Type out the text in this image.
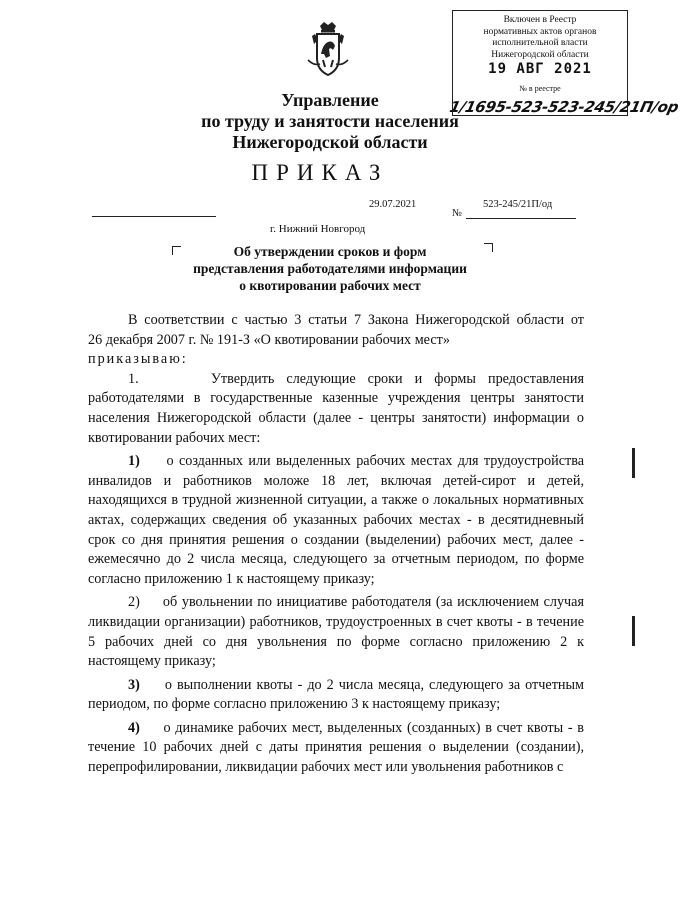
Включен в Реестр
нормативных актов органов
исполнительной власти
Нижегородской области
19 АВГ 2021
№ в реестре
1/1695-523-523-245/21П/ор
Управление
по труду и занятости населения
Нижегородской области
ПРИКАЗ
29.07.2021	523-245/21П/од
№
г. Нижний Новгород
Об утверждении сроков и форм
представления работодателями информации
о квотировании рабочих мест

В соответствии с частью 3 статьи 7 Закона Нижегородской области от

26 декабря 2007 г. № 191-З «О квотировании рабочих мест»

приказываю:

1.	Утвердить следующие сроки и формы предоставления

работодателями в государственные казенные учреждения центры занятости населения Нижегородской области (далее - центры занятости) информации о квотировании рабочих мест:

1) о созданных или выделенных рабочих местах для трудоустройства инвалидов и работников моложе 18 лет, включая детей-сирот и детей, находящихся в трудной жизненной ситуации, а также о локальных нормативных актах, содержащих сведения об указанных рабочих местах - в десятидневный срок со дня принятия решения о создании (выделении) рабочих мест, далее - ежемесячно до 2 числа месяца, следующего за отчетным периодом, по форме согласно приложению 1 к настоящему приказу;

2) об увольнении по инициативе работодателя (за исключением случая ликвидации организации) работников, трудоустроенных в счет квоты - в течение 5 рабочих дней со дня увольнения по форме согласно приложению 2 к настоящему приказу;

3) о выполнении квоты - до 2 числа месяца, следующего за отчетным периодом, по форме согласно приложению 3 к настоящему приказу;

4) о динамике рабочих мест, выделенных (созданных) в счет квоты - в течение 10 рабочих дней с даты принятия решения о выделении (создании), перепрофилировании, ликвидации рабочих мест или увольнения работников с
